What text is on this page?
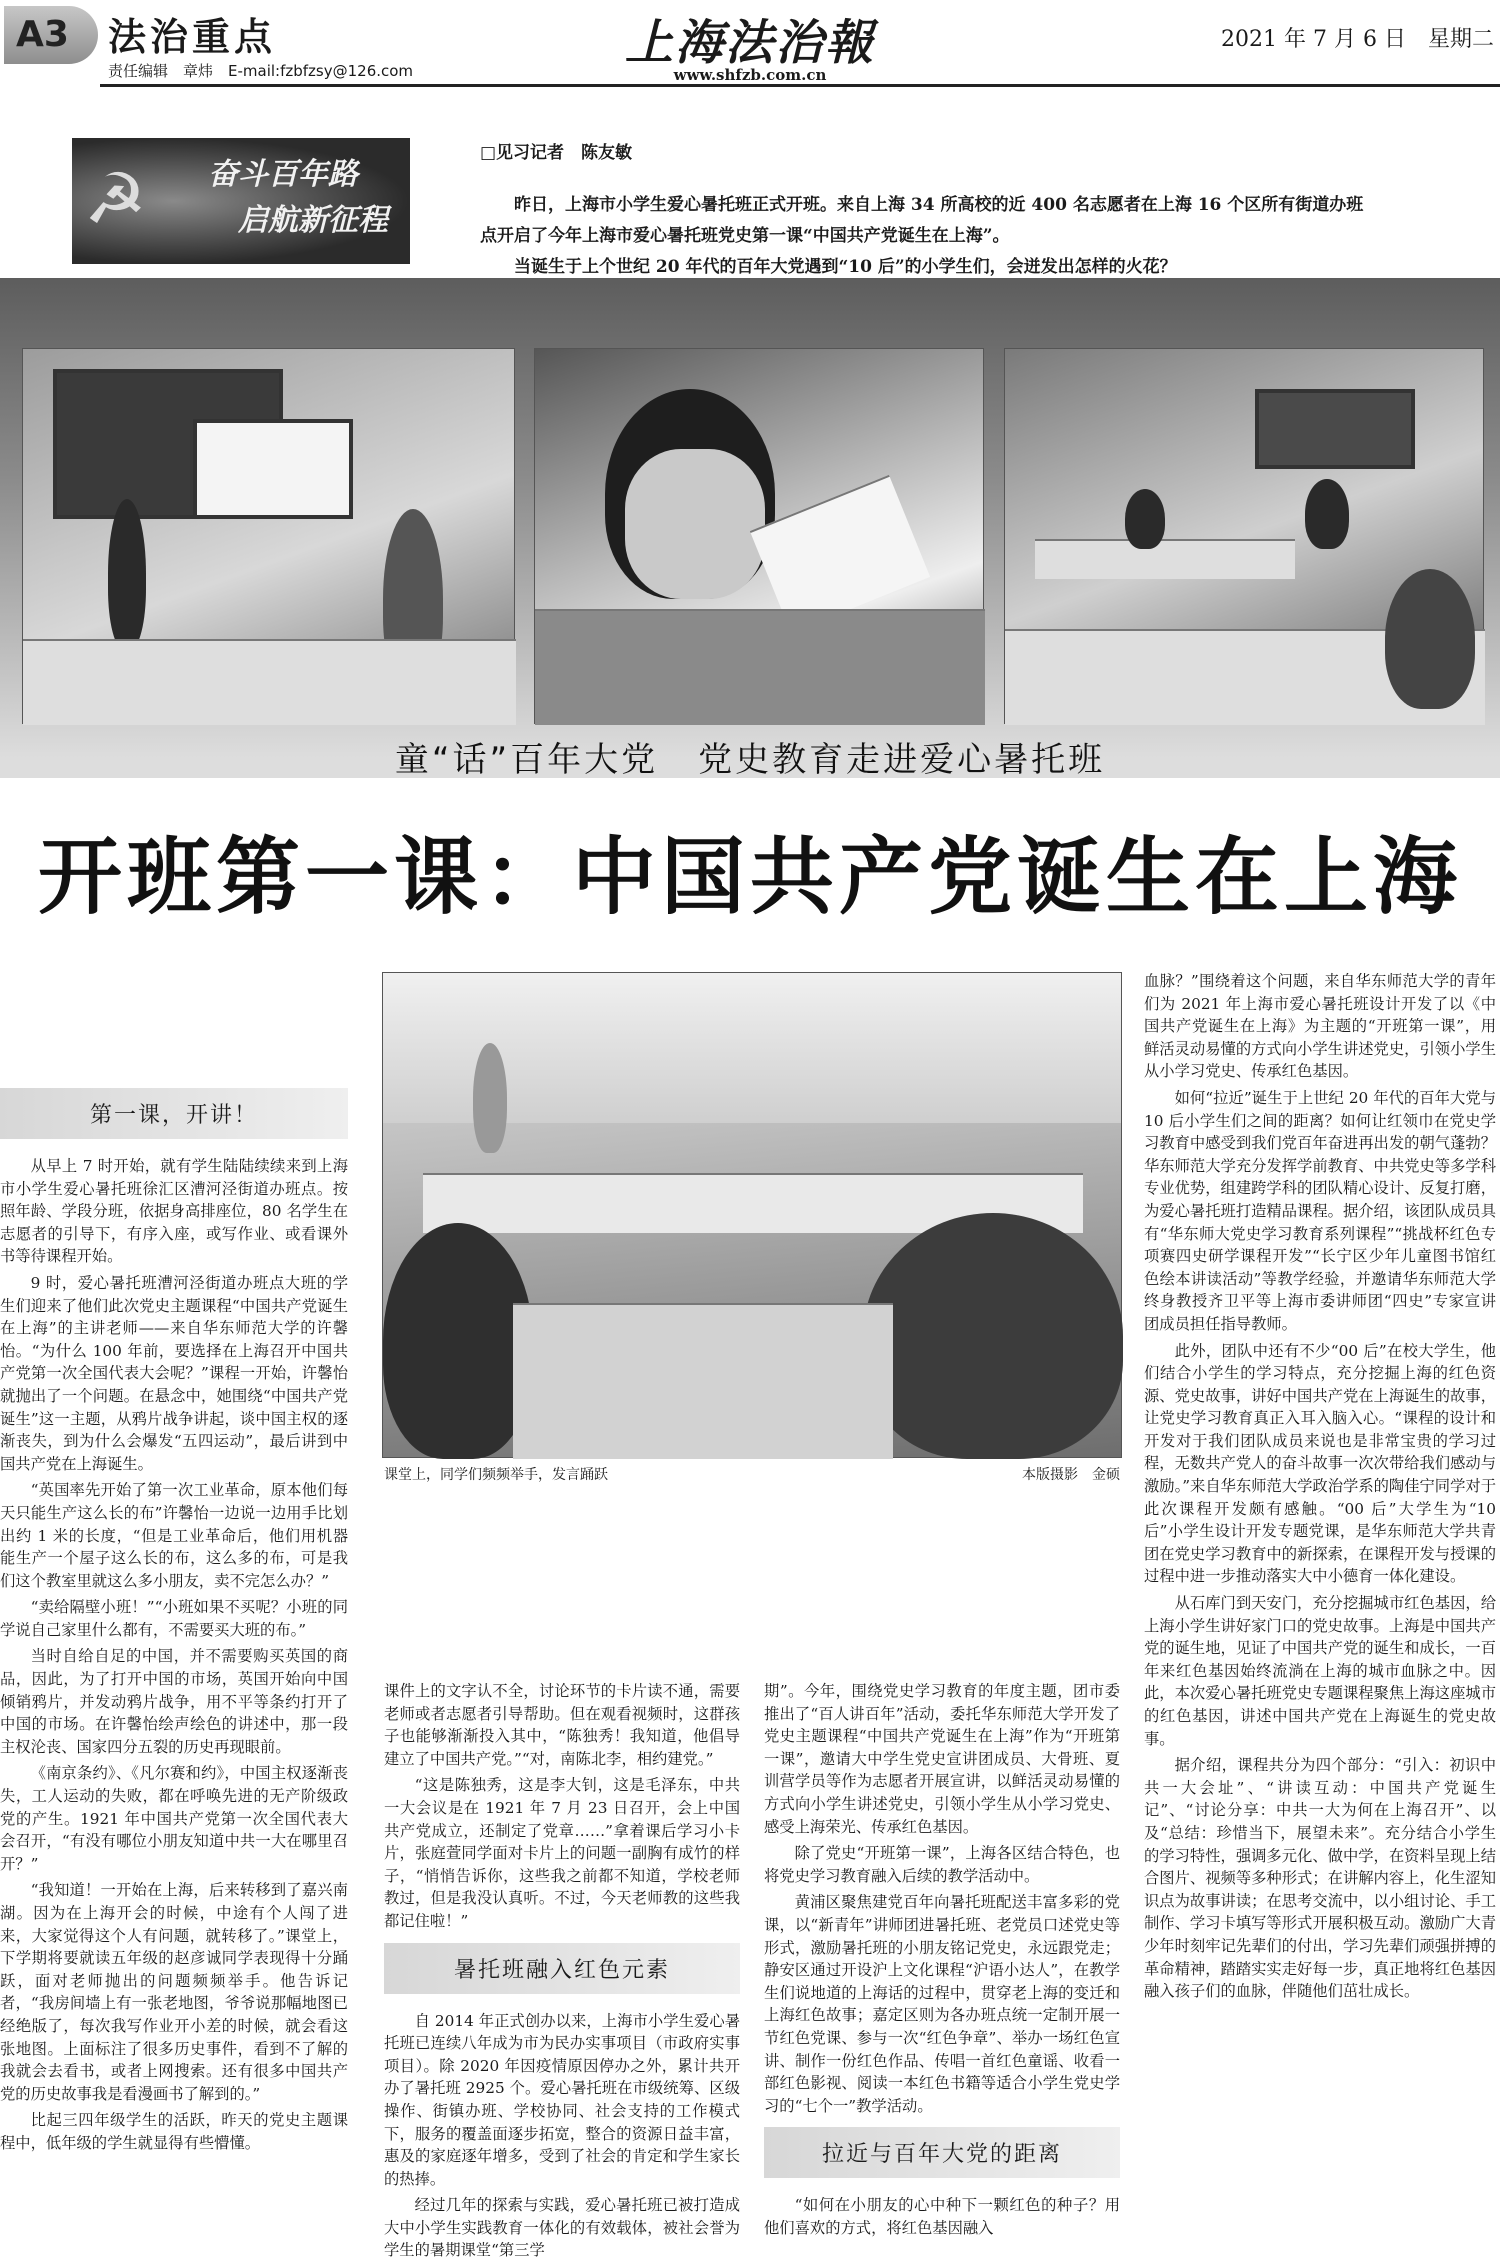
A3 法治重点
责任编辑　章炜　E-mail:fzbfzsy@126.com	上海法治報
www.shfzb.com.cn
2021 年 7 月 6 日　星期二
☭ 奋斗百年路
启航新征程
□见习记者　陈友敏

昨日，上海市小学生爱心暑托班正式开班。来自上海 34 所高校的近 400 名志愿者在上海 16 个区所有街道办班点开启了今年上海市爱心暑托班党史第一课“中国共产党诞生在上海”。

当诞生于上个世纪 20 年代的百年大党遇到“10 后”的小学生们，会迸发出怎样的火花？

童“话”百年大党 党史教育走进爱心暑托班
开班第一课：中国共产党诞生在上海
课堂上，同学们频频举手，发言踊跃	本版摄影　金硕
第一课，开讲！

从早上 7 时开始，就有学生陆陆续续来到上海市小学生爱心暑托班徐汇区漕河泾街道办班点。按照年龄、学段分班，依据身高排座位，80 名学生在志愿者的引导下，有序入座，或写作业、或看课外书等待课程开始。

9 时，爱心暑托班漕河泾街道办班点大班的学生们迎来了他们此次党史主题课程“中国共产党诞生在上海”的主讲老师——来自华东师范大学的许馨怡。“为什么 100 年前，要选择在上海召开中国共产党第一次全国代表大会呢？”课程一开始，许馨怡就抛出了一个问题。在悬念中，她围绕“中国共产党诞生”这一主题，从鸦片战争讲起，谈中国主权的逐渐丧失，到为什么会爆发“五四运动”，最后讲到中国共产党在上海诞生。

“英国率先开始了第一次工业革命，原本他们每天只能生产这么长的布”许馨怡一边说一边用手比划出约 1 米的长度，“但是工业革命后，他们用机器能生产一个屋子这么长的布，这么多的布，可是我们这个教室里就这么多小朋友，卖不完怎么办？”

“卖给隔壁小班！”“小班如果不买呢？小班的同学说自己家里什么都有，不需要买大班的布。”

当时自给自足的中国，并不需要购买英国的商品，因此，为了打开中国的市场，英国开始向中国倾销鸦片，并发动鸦片战争，用不平等条约打开了中国的市场。在许馨怡绘声绘色的讲述中，那一段主权沦丧、国家四分五裂的历史再现眼前。

《南京条约》、《凡尔赛和约》，中国主权逐渐丧失，工人运动的失败，都在呼唤先进的无产阶级政党的产生。1921 年中国共产党第一次全国代表大会召开，“有没有哪位小朋友知道中共一大在哪里召开？”

“我知道！一开始在上海，后来转移到了嘉兴南湖。因为在上海开会的时候，中途有个人闯了进来，大家觉得这个人有问题，就转移了。”课堂上，下学期将要就读五年级的赵彦诚同学表现得十分踊跃，面对老师抛出的问题频频举手。他告诉记者，“我房间墙上有一张老地图，爷爷说那幅地图已经绝版了，每次我写作业开小差的时候，就会看这张地图。上面标注了很多历史事件，看到不了解的我就会去看书，或者上网搜索。还有很多中国共产党的历史故事我是看漫画书了解到的。”

比起三四年级学生的活跃，昨天的党史主题课程中，低年级的学生就显得有些懵懂。

课件上的文字认不全，讨论环节的卡片读不通，需要老师或者志愿者引导帮助。但在观看视频时，这群孩子也能够渐渐投入其中，“陈独秀！我知道，他倡导建立了中国共产党。”“对，南陈北李，相约建党。”

“这是陈独秀，这是李大钊，这是毛泽东，中共一大会议是在 1921 年 7 月 23 日召开，会上中国共产党成立，还制定了党章……”拿着课后学习小卡片，张庭萱同学面对卡片上的问题一副胸有成竹的样子，“悄悄告诉你，这些我之前都不知道，学校老师教过，但是我没认真听。不过，今天老师教的这些我都记住啦！”

暑托班融入红色元素

自 2014 年正式创办以来，上海市小学生爱心暑托班已连续八年成为市为民办实事项目（市政府实事项目）。除 2020 年因疫情原因停办之外，累计共开办了暑托班 2925 个。爱心暑托班在市级统筹、区级操作、街镇办班、学校协同、社会支持的工作模式下，服务的覆盖面逐步拓宽，整合的资源日益丰富，惠及的家庭逐年增多，受到了社会的肯定和学生家长的热捧。

经过几年的探索与实践，爱心暑托班已被打造成大中小学生实践教育一体化的有效载体，被社会誉为学生的暑期课堂“第三学

期”。今年，围绕党史学习教育的年度主题，团市委推出了“百人讲百年”活动，委托华东师范大学开发了党史主题课程“中国共产党诞生在上海”作为“开班第一课”，邀请大中学生党史宣讲团成员、大骨班、夏训营学员等作为志愿者开展宣讲，以鲜活灵动易懂的方式向小学生讲述党史，引领小学生从小学习党史、感受上海荣光、传承红色基因。

除了党史“开班第一课”，上海各区结合特色，也将党史学习教育融入后续的教学活动中。

黄浦区聚焦建党百年向暑托班配送丰富多彩的党课，以“新青年”讲师团进暑托班、老党员口述党史等形式，激励暑托班的小朋友铭记党史，永远跟党走；静安区通过开设沪上文化课程“沪语小达人”，在教学生们说地道的上海话的过程中，贯穿老上海的变迁和上海红色故事；嘉定区则为各办班点统一定制开展一节红色党课、参与一次“红色争章”、举办一场红色宣讲、制作一份红色作品、传唱一首红色童谣、收看一部红色影视、阅读一本红色书籍等适合小学生党史学习的“七个一”教学活动。

拉近与百年大党的距离

“如何在小朋友的心中种下一颗红色的种子？用他们喜欢的方式，将红色基因融入

血脉？”围绕着这个问题，来自华东师范大学的青年们为 2021 年上海市爱心暑托班设计开发了以《中国共产党诞生在上海》为主题的“开班第一课”，用鲜活灵动易懂的方式向小学生讲述党史，引领小学生从小学习党史、传承红色基因。

如何“拉近”诞生于上世纪 20 年代的百年大党与 10 后小学生们之间的距离？如何让红领巾在党史学习教育中感受到我们党百年奋进再出发的朝气蓬勃？华东师范大学充分发挥学前教育、中共党史等多学科专业优势，组建跨学科的团队精心设计、反复打磨，为爱心暑托班打造精品课程。据介绍，该团队成员具有“华东师大党史学习教育系列课程”“挑战杯红色专项赛四史研学课程开发”“长宁区少年儿童图书馆红色绘本讲读活动”等教学经验，并邀请华东师范大学终身教授齐卫平等上海市委讲师团“四史”专家宣讲团成员担任指导教师。

此外，团队中还有不少“00 后”在校大学生，他们结合小学生的学习特点，充分挖掘上海的红色资源、党史故事，讲好中国共产党在上海诞生的故事，让党史学习教育真正入耳入脑入心。“课程的设计和开发对于我们团队成员来说也是非常宝贵的学习过程，无数共产党人的奋斗故事一次次带给我们感动与激励。”来自华东师范大学政治学系的陶佳宁同学对于此次课程开发颇有感触。“00 后”大学生为“10 后”小学生设计开发专题党课，是华东师范大学共青团在党史学习教育中的新探索，在课程开发与授课的过程中进一步推动落实大中小德育一体化建设。

从石库门到天安门，充分挖掘城市红色基因，给上海小学生讲好家门口的党史故事。上海是中国共产党的诞生地，见证了中国共产党的诞生和成长，一百年来红色基因始终流淌在上海的城市血脉之中。因此，本次爱心暑托班党史专题课程聚焦上海这座城市的红色基因，讲述中国共产党在上海诞生的党史故事。

据介绍，课程共分为四个部分：“引入：初识中共一大会址”、“讲读互动：中国共产党诞生记”、“讨论分享：中共一大为何在上海召开”、以及“总结：珍惜当下，展望未来”。充分结合小学生的学习特性，强调多元化、做中学，在资料呈现上结合图片、视频等多种形式；在讲解内容上，化生涩知识点为故事讲读；在思考交流中，以小组讨论、手工制作、学习卡填写等形式开展积极互动。激励广大青少年时刻牢记先辈们的付出，学习先辈们顽强拼搏的革命精神，踏踏实实走好每一步，真正地将红色基因融入孩子们的血脉，伴随他们茁壮成长。
